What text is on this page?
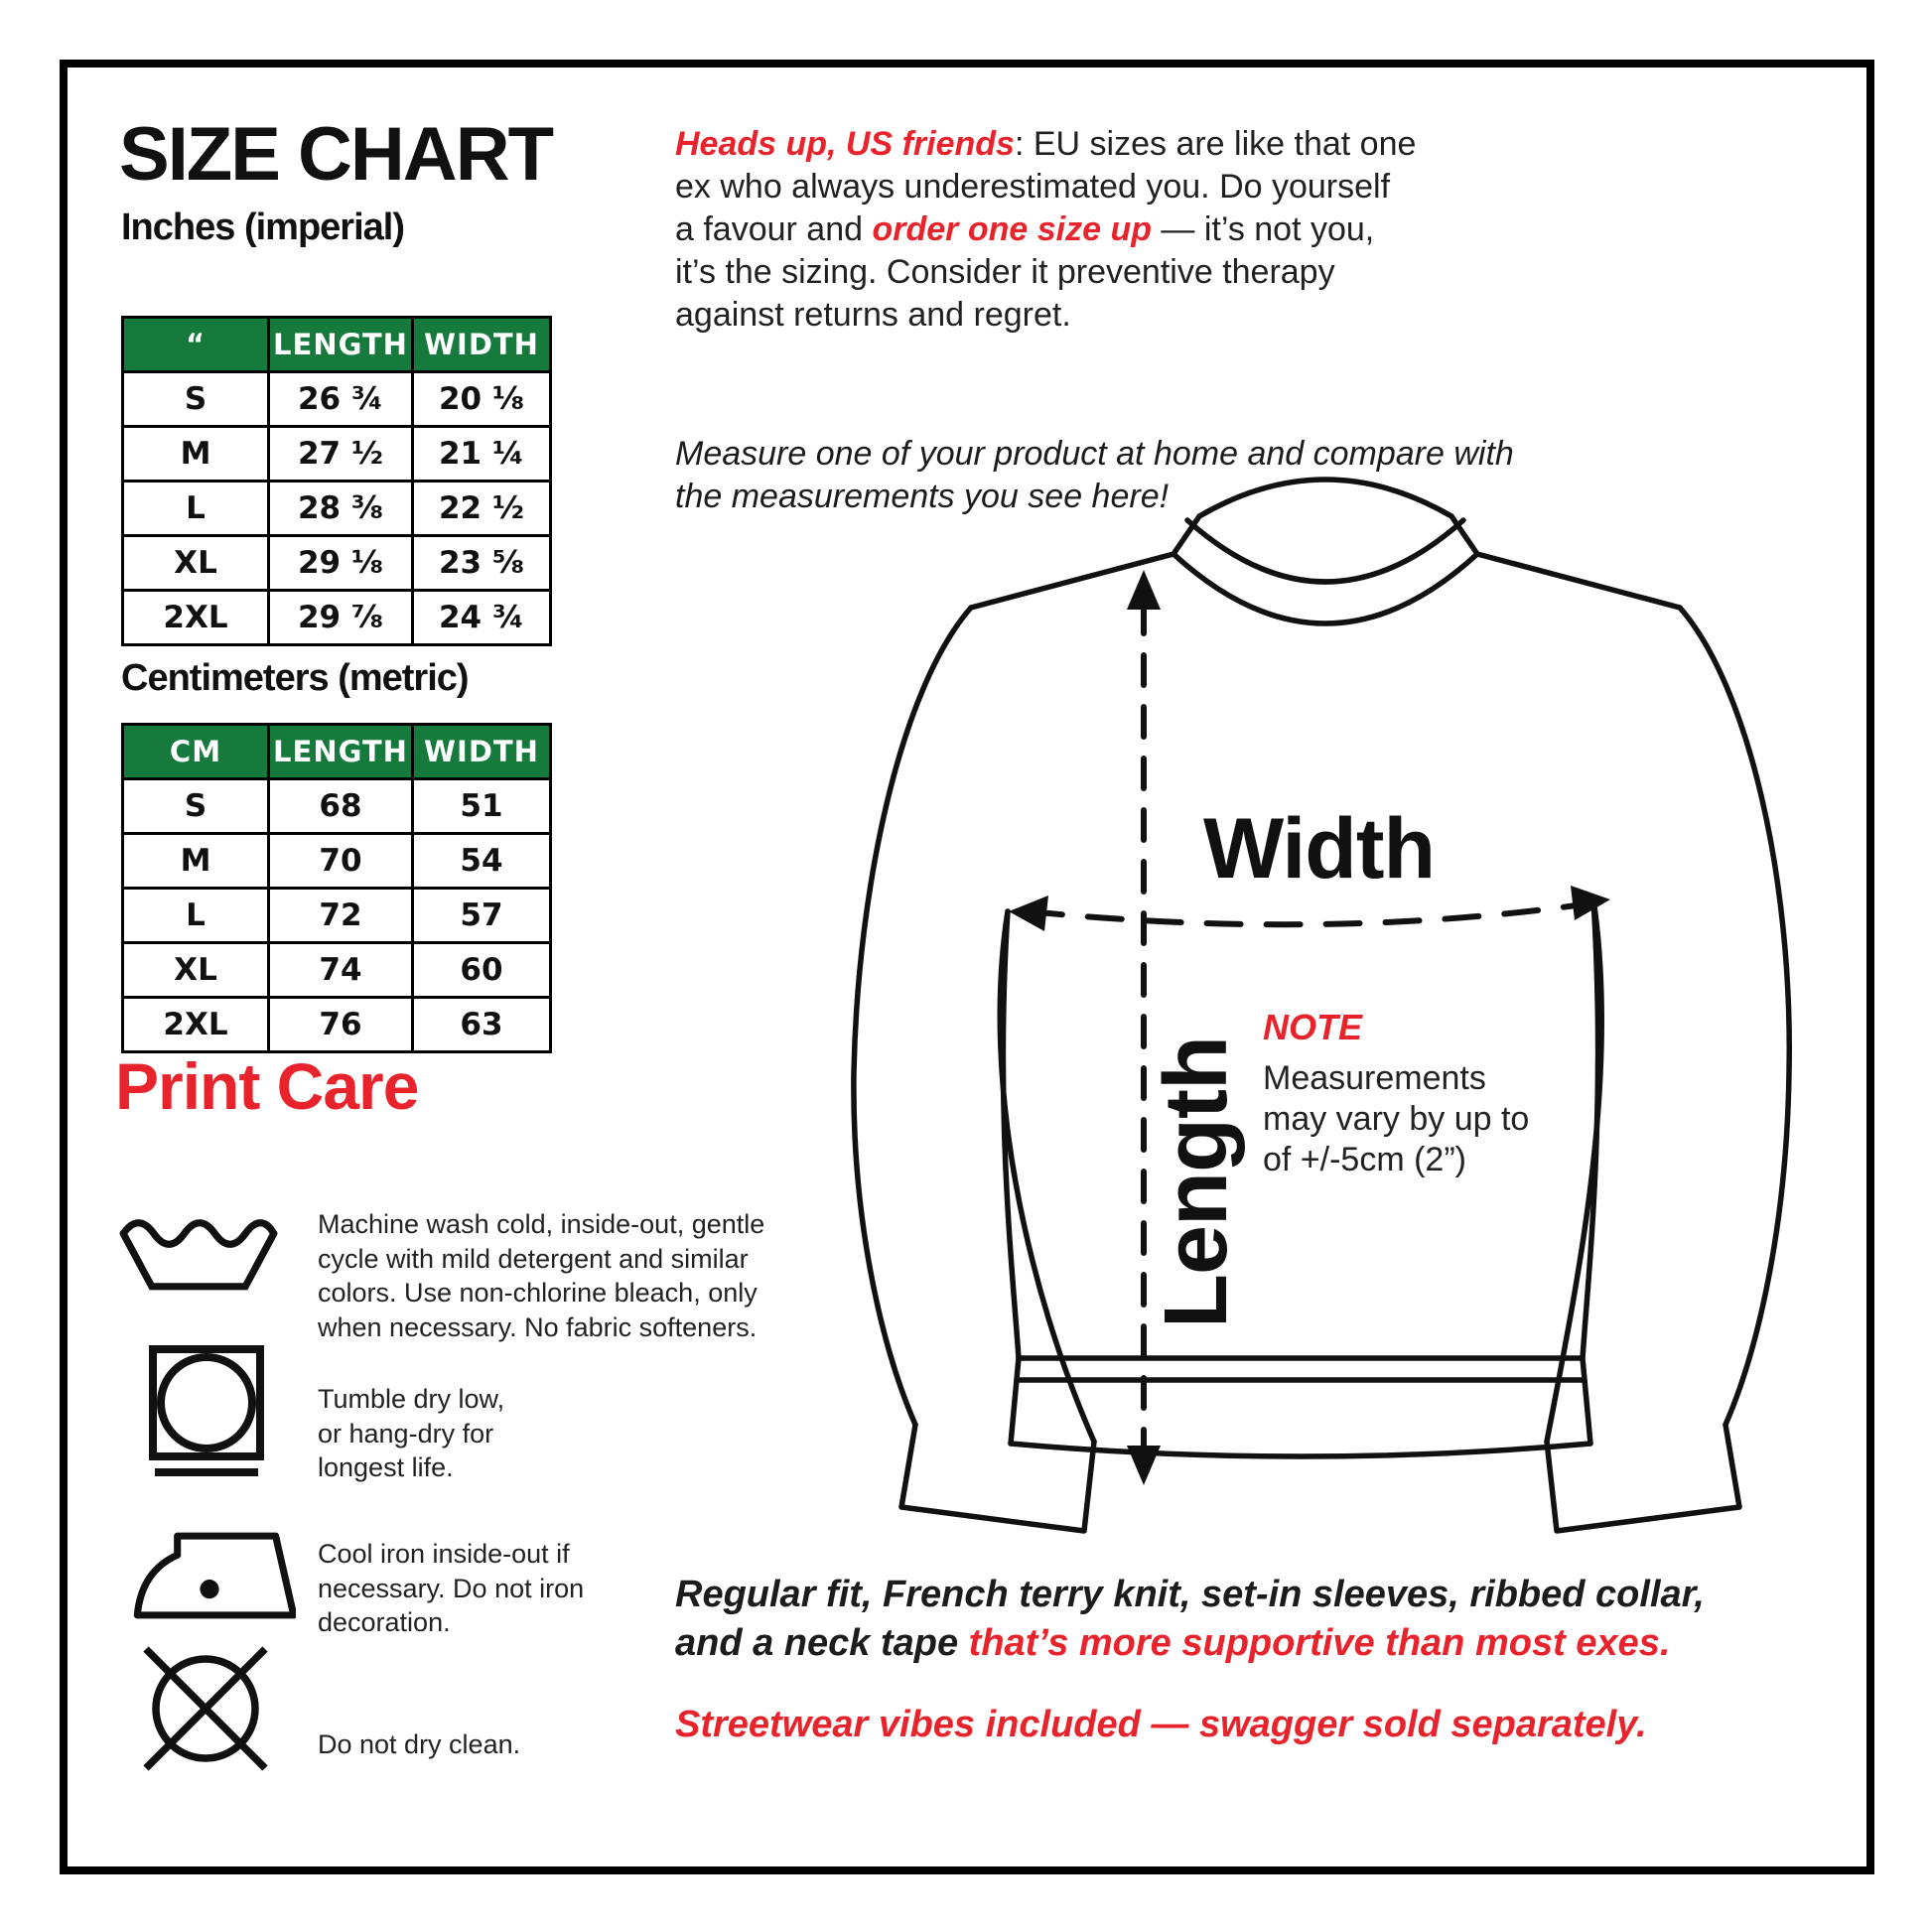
SIZE CHART
Inches (imperial)
“	LENGTH	WIDTH
S	26 ¾	20 ⅛
M	27 ½	21 ¼
L	28 ⅜	22 ½
XL	29 ⅛	23 ⅝
2XL	29 ⅞	24 ¾
Centimeters (metric)
CM	LENGTH	WIDTH
S	68	51
M	70	54
L	72	57
XL	74	60
2XL	76	63
Print Care
Machine wash cold, inside-out, gentle
cycle with mild detergent and similar
colors. Use non-chlorine bleach, only
when necessary. No fabric softeners.
Tumble dry low,
or hang-dry for
longest life.
Cool iron inside-out if
necessary. Do not iron
decoration.
Do not dry clean.
Heads up, US friends: EU sizes are like that one
ex who always underestimated you. Do yourself
a favour and order one size up — it’s not you,
it’s the sizing. Consider it preventive therapy
against returns and regret.
Measure one of your product at home and compare with
the measurements you see here!
Width
Length
NOTE
Measurements
may vary by up to
of +/-5cm (2”)
Regular fit, French terry knit, set-in sleeves, ribbed collar,
and a neck tape that’s more supportive than most exes.
Streetwear vibes included — swagger sold separately.
